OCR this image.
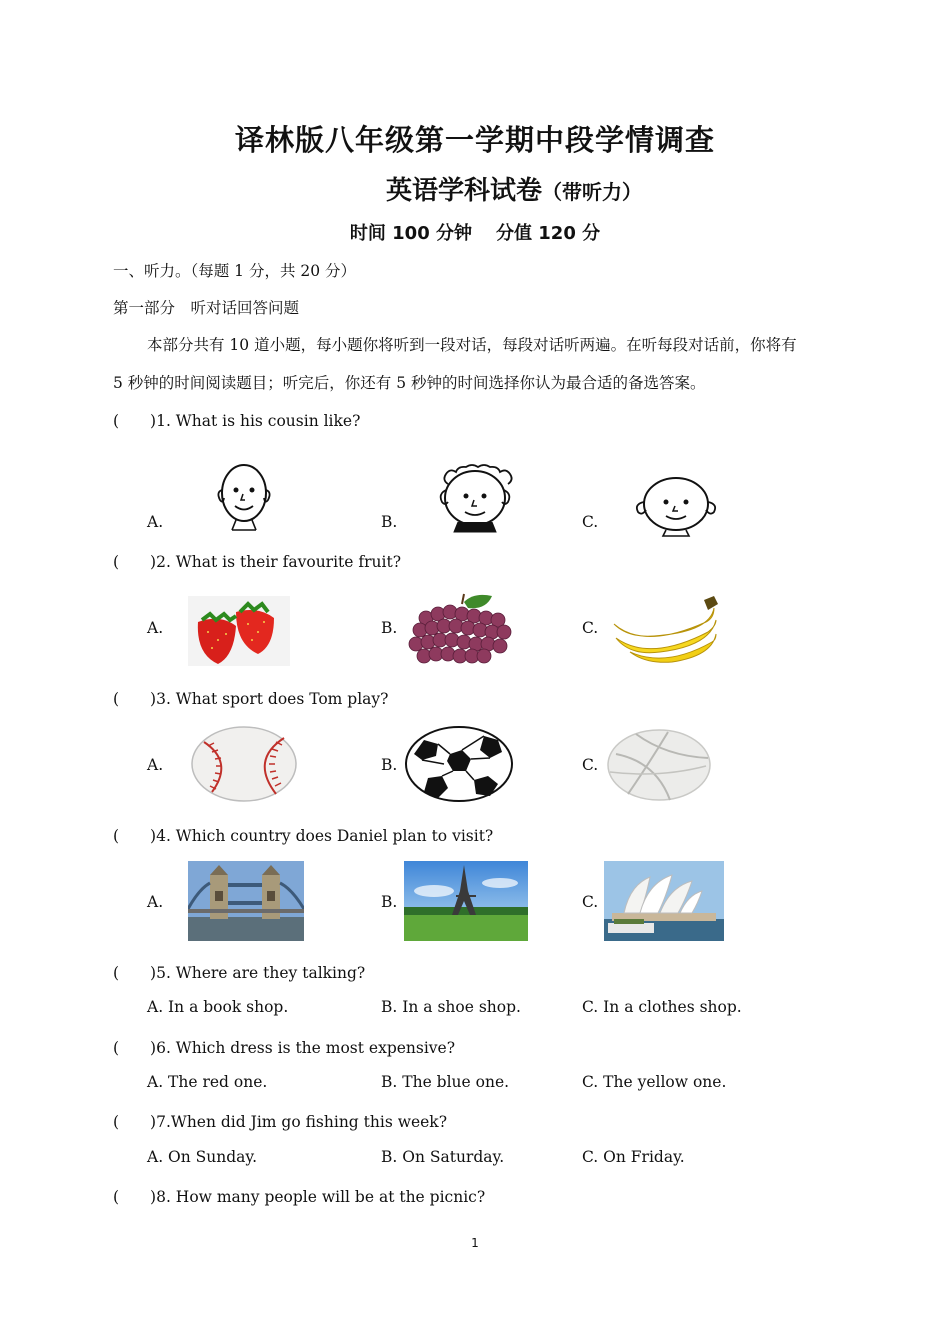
译林版八年级第一学期中段学情调查
英语学科试卷（带听力）
时间 100 分钟 分值 120 分
一、听力。（每题 1 分，共 20 分）
第一部分　听对话回答问题
本部分共有 10 道小题，每小题你将听到一段对话，每段对话听两遍。在听每段对话前，你将有
5 秒钟的时间阅读题目；听完后，你还有 5 秒钟的时间选择你认为最合适的备选答案。
(　　)1. What is his cousin like?
A.	B.	C.
(　　)2. What is their favourite fruit?
A.	B.	C.
(　　)3. What sport does Tom play?
A.	B.	C.
(　　)4. Which country does Daniel plan to visit?
A.	B.	C.
(　　)5. Where are they talking?
A. In a book shop.	B. In a shoe shop.	C. In a clothes shop.
(　　)6. Which dress is the most expensive?
A. The red one.	B. The blue one.	C. The yellow one.
(　　)7.When did Jim go fishing this week?
A. On Sunday.	B. On Saturday.	C. On Friday.
(　　)8. How many people will be at the picnic?
1
